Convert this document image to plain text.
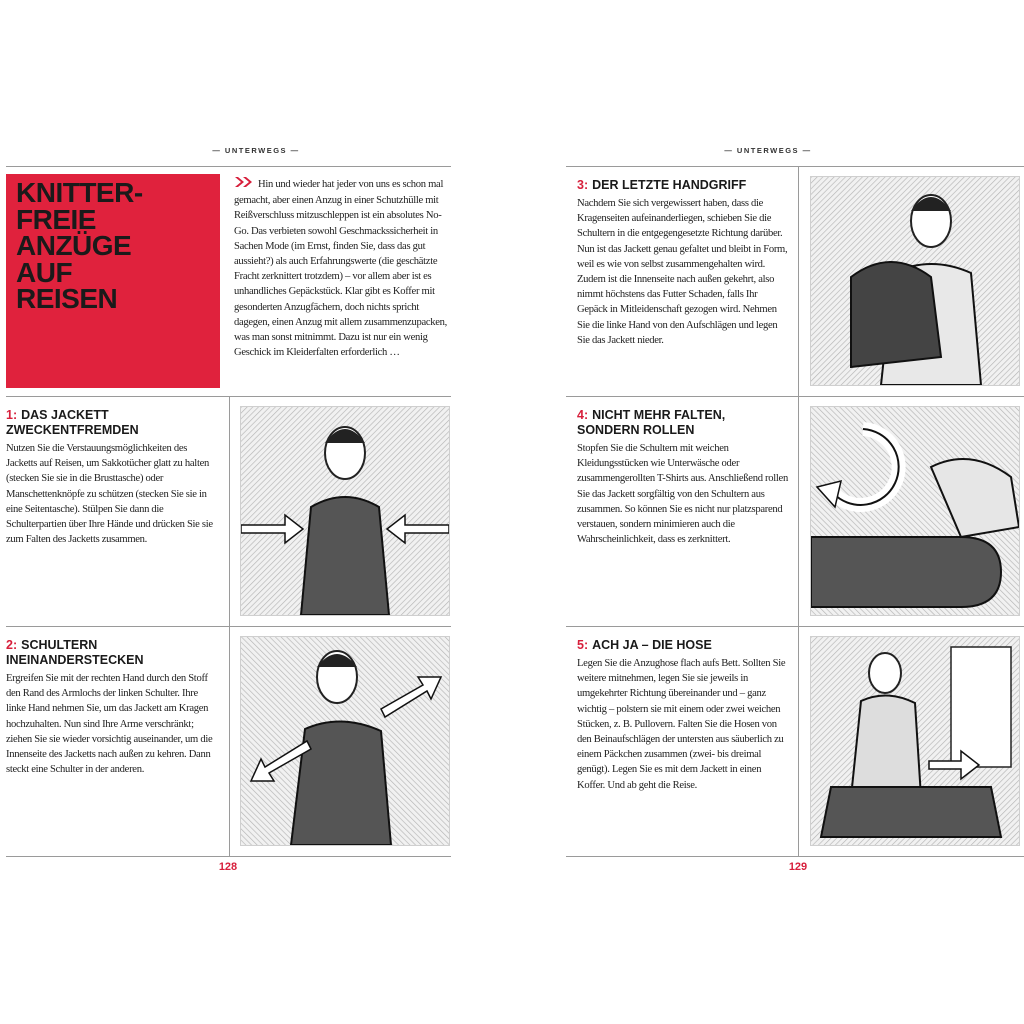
— UNTERWEGS —

KNITTER-
FREIE
ANZÜGE
AUF
REISEN

Hin und wieder hat jeder von uns es schon mal gemacht, aber einen Anzug in einer Schutzhülle mit Reißverschluss mitzuschleppen ist ein absolutes No-Go. Das verbieten sowohl Geschmackssicherheit in Sachen Mode (im Ernst, finden Sie, dass das gut aussieht?) als auch Erfahrungswerte (die geschätzte Fracht zerknittert trotzdem) – vor allem aber ist es unhandliches Gepäckstück. Klar gibt es Koffer mit gesonderten Anzugfächern, doch nichts spricht dagegen, einen Anzug mit allem zusammenzupacken, was man sonst mitnimmt. Dazu ist nur ein wenig Geschick im Kleiderfalten erforderlich …

1: DAS JACKETT ZWECKENTFREMDEN

Nutzen Sie die Verstauungsmöglichkeiten des Jacketts auf Reisen, um Sakkotücher glatt zu halten (stecken Sie sie in die Brusttasche) oder Manschettenknöpfe zu schützen (stecken Sie sie in eine Seitentasche). Stülpen Sie dann die Schulterpartien über Ihre Hände und drücken Sie sie zum Falten des Jacketts zusammen.

2: SCHULTERN INEINANDERSTECKEN

Ergreifen Sie mit der rechten Hand durch den Stoff den Rand des Armlochs der linken Schulter. Ihre linke Hand nehmen Sie, um das Jackett am Kragen hochzuhalten. Nun sind Ihre Arme verschränkt; ziehen Sie sie wieder vorsichtig auseinander, um die Innenseite des Jacketts nach außen zu kehren. Dann steckt eine Schulter in der anderen.

128
— UNTERWEGS —
3: DER LETZTE HANDGRIFF

Nachdem Sie sich vergewissert haben, dass die Kragenseiten aufeinanderliegen, schieben Sie die Schultern in die entgegengesetzte Richtung darüber. Nun ist das Jackett genau gefaltet und bleibt in Form, weil es wie von selbst zusammengehalten wird. Zudem ist die Innenseite nach außen gekehrt, also nimmt höchstens das Futter Schaden, falls Ihr Gepäck in Mitleidenschaft gezogen wird. Nehmen Sie die linke Hand von den Aufschlägen und legen Sie das Jackett nieder.

4: NICHT MEHR FALTEN, SONDERN ROLLEN

Stopfen Sie die Schultern mit weichen Kleidungsstücken wie Unterwäsche oder zusammengerollten T-Shirts aus. Anschließend rollen Sie das Jackett sorgfältig von den Schultern aus zusammen. So können Sie es nicht nur platzsparend verstauen, sondern minimieren auch die Wahrscheinlichkeit, dass es zerknittert.

5: ACH JA – DIE HOSE

Legen Sie die Anzughose flach aufs Bett. Sollten Sie weitere mitnehmen, legen Sie sie jeweils in umgekehrter Richtung übereinander und – ganz wichtig – polstern sie mit einem oder zwei weichen Stücken, z. B. Pullovern. Falten Sie die Hosen von den Beinaufschlägen der untersten aus säuberlich zu einem Päckchen zusammen (zwei- bis dreimal genügt). Legen Sie es mit dem Jackett in einen Koffer. Und ab geht die Reise.

129
